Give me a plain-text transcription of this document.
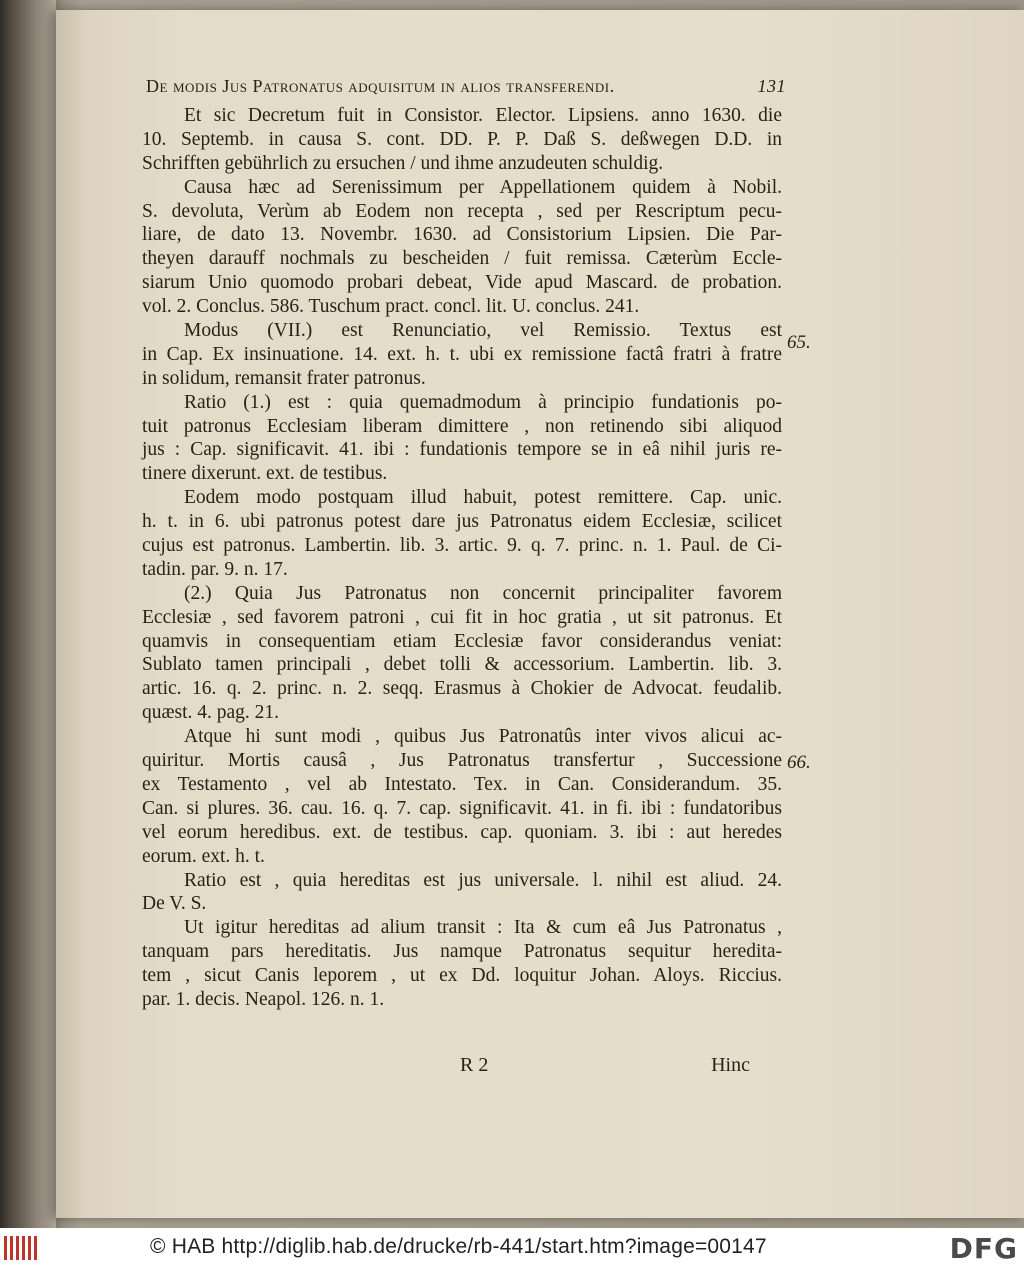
De modis Jus Patronatus adquisitum in alios transferendi.	131
Et sic Decretum fuit in Consistor. Elector. Lipsiens. anno 1630. die
10. Septemb. in causa S. cont. DD. P. P. Daß S. deßwegen D.D. in
Schrifften gebührlich zu ersuchen / und ihme anzudeuten schuldig.
Causa hæc ad Serenissimum per Appellationem quidem à Nobil.
S. devoluta, Verùm ab Eodem non recepta , sed per Rescriptum pecu-
liare, de dato 13. Novembr. 1630. ad Consistorium Lipsien. Die Par-
theyen darauff nochmals zu bescheiden / fuit remissa. Cæterùm Eccle-
siarum Unio quomodo probari debeat, Vide apud Mascard. de probation.
vol. 2. Conclus. 586. Tuschum pract. concl. lit. U. conclus. 241.
Modus (VII.) est Renunciatio, vel Remissio. Textus est
in Cap. Ex insinuatione. 14. ext. h. t. ubi ex remissione factâ fratri à fratre
in solidum, remansit frater patronus.
Ratio (1.) est : quia quemadmodum à principio fundationis po-
tuit patronus Ecclesiam liberam dimittere , non retinendo sibi aliquod
jus : Cap. significavit. 41. ibi : fundationis tempore se in eâ nihil juris re-
tinere dixerunt. ext. de testibus.
Eodem modo postquam illud habuit, potest remittere. Cap. unic.
h. t. in 6. ubi patronus potest dare jus Patronatus eidem Ecclesiæ, scilicet
cujus est patronus. Lambertin. lib. 3. artic. 9. q. 7. princ. n. 1. Paul. de Ci-
tadin. par. 9. n. 17.
(2.) Quia Jus Patronatus non concernit principaliter favorem
Ecclesiæ , sed favorem patroni , cui fit in hoc gratia , ut sit patronus. Et
quamvis in consequentiam etiam Ecclesiæ favor considerandus veniat:
Sublato tamen principali , debet tolli & accessorium. Lambertin. lib. 3.
artic. 16. q. 2. princ. n. 2. seqq. Erasmus à Chokier de Advocat. feudalib.
quæst. 4. pag. 21.
Atque hi sunt modi , quibus Jus Patronatûs inter vivos alicui ac-
quiritur. Mortis causâ , Jus Patronatus transfertur , Successione
ex Testamento , vel ab Intestato. Tex. in Can. Considerandum. 35.
Can. si plures. 36. cau. 16. q. 7. cap. significavit. 41. in fi. ibi : fundatoribus
vel eorum heredibus. ext. de testibus. cap. quoniam. 3. ibi : aut heredes
eorum. ext. h. t.
Ratio est , quia hereditas est jus universale. l. nihil est aliud. 24.
De V. S.
Ut igitur hereditas ad alium transit : Ita & cum eâ Jus Patronatus ,
tanquam pars hereditatis. Jus namque Patronatus sequitur heredita-
tem , sicut Canis leporem , ut ex Dd. loquitur Johan. Aloys. Riccius.
par. 1. decis. Neapol. 126. n. 1.
65.
66.
R 2	Hinc
© HAB http://diglib.hab.de/drucke/rb-441/start.htm?image=00147	DFG
